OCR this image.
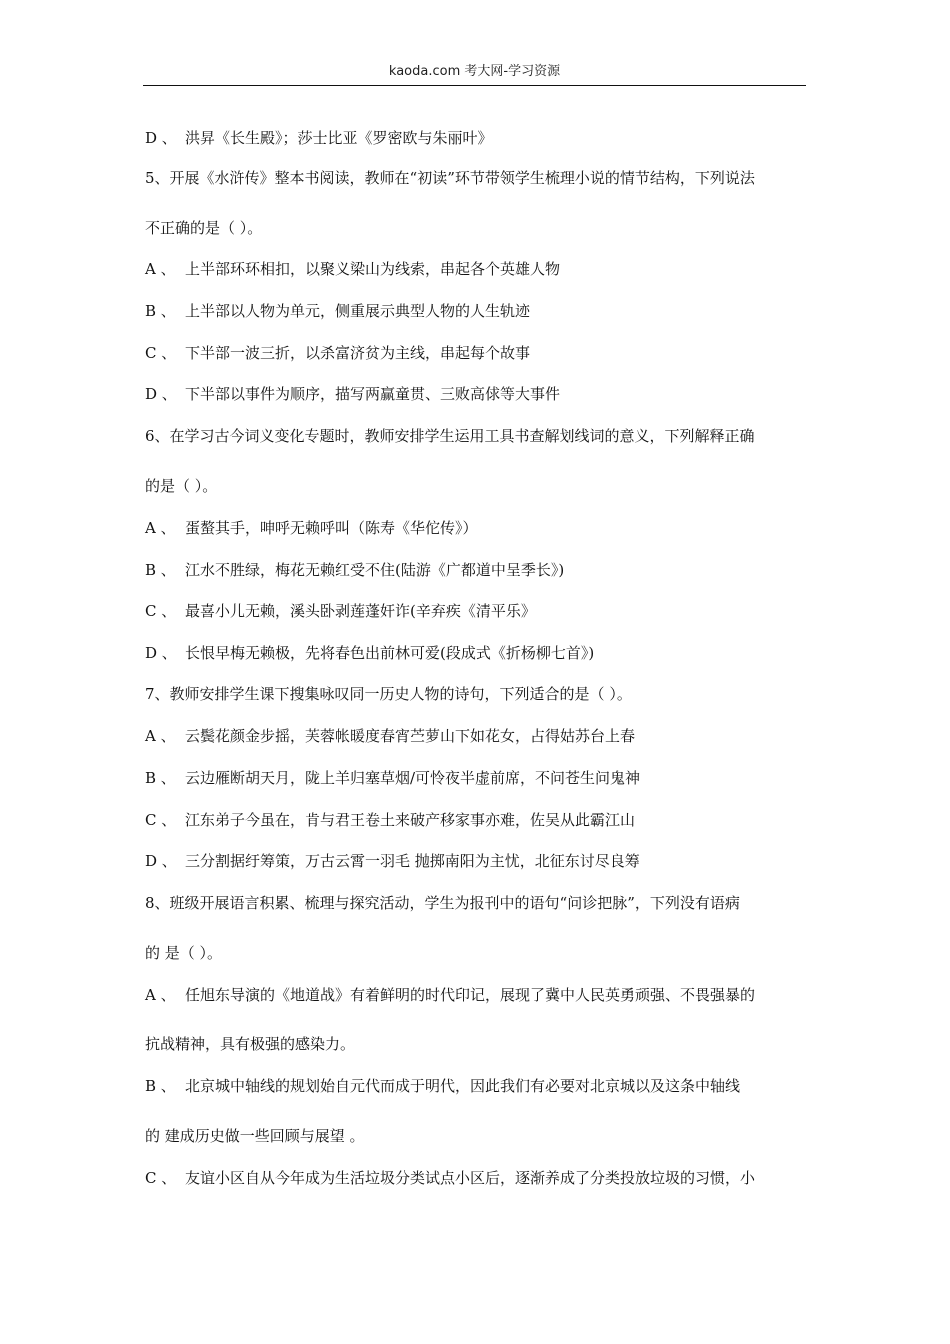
kaoda.com 考大网-学习资源
D 、 洪昇《长生殿》；莎士比亚《罗密欧与朱丽叶》
5、开展《水浒传》整本书阅读，教师在“初读”环节带领学生梳理小说的情节结构，下列说法
不正确的是（ ）。
A 、 上半部环环相扣，以聚义梁山为线索，串起各个英雄人物
B 、 上半部以人物为单元，侧重展示典型人物的人生轨迹
C 、 下半部一波三折，以杀富济贫为主线，串起每个故事
D 、 下半部以事件为顺序，描写两赢童贯、三败高俅等大事件
6、在学习古今词义变化专题时，教师安排学生运用工具书查解划线词的意义，下列解释正确
的是（ ）。
A 、 蛋螯其手，呻呼无赖呼叫（陈寿《华佗传》）
B 、 江水不胜绿，梅花无赖红受不住(陆游《广都道中呈季长》)
C 、 最喜小儿无赖，溪头卧剥莲蓬奸诈(辛弃疾《清平乐》
D 、 长恨早梅无赖极，先将春色出前林可爱(段成式《折杨柳七首》)
7、教师安排学生课下搜集咏叹同一历史人物的诗句，下列适合的是（ ）。
A 、 云鬓花颜金步摇，芙蓉帐暖度春宵苎萝山下如花女，占得姑苏台上春
B 、 云边雁断胡天月，陇上羊归塞草烟/可怜夜半虚前席，不问苍生问鬼神
C 、 江东弟子今虽在，肯与君王卷土来破产移家事亦难，佐吴从此霸江山
D 、 三分割据纡筹策，万古云霄一羽毛 抛掷南阳为主忧，北征东讨尽良筹
8、班级开展语言积累、梳理与探究活动，学生为报刊中的语句“问诊把脉”，下列没有语病
的 是（ ）。
A 、 任旭东导演的《地道战》有着鲜明的时代印记，展现了冀中人民英勇顽强、不畏强暴的
抗战精神，具有极强的感染力。
B 、 北京城中轴线的规划始自元代而成于明代，因此我们有必要对北京城以及这条中轴线
的 建成历史做一些回顾与展望 。
C 、 友谊小区自从今年成为生活垃圾分类试点小区后，逐渐养成了分类投放垃圾的习惯，小
